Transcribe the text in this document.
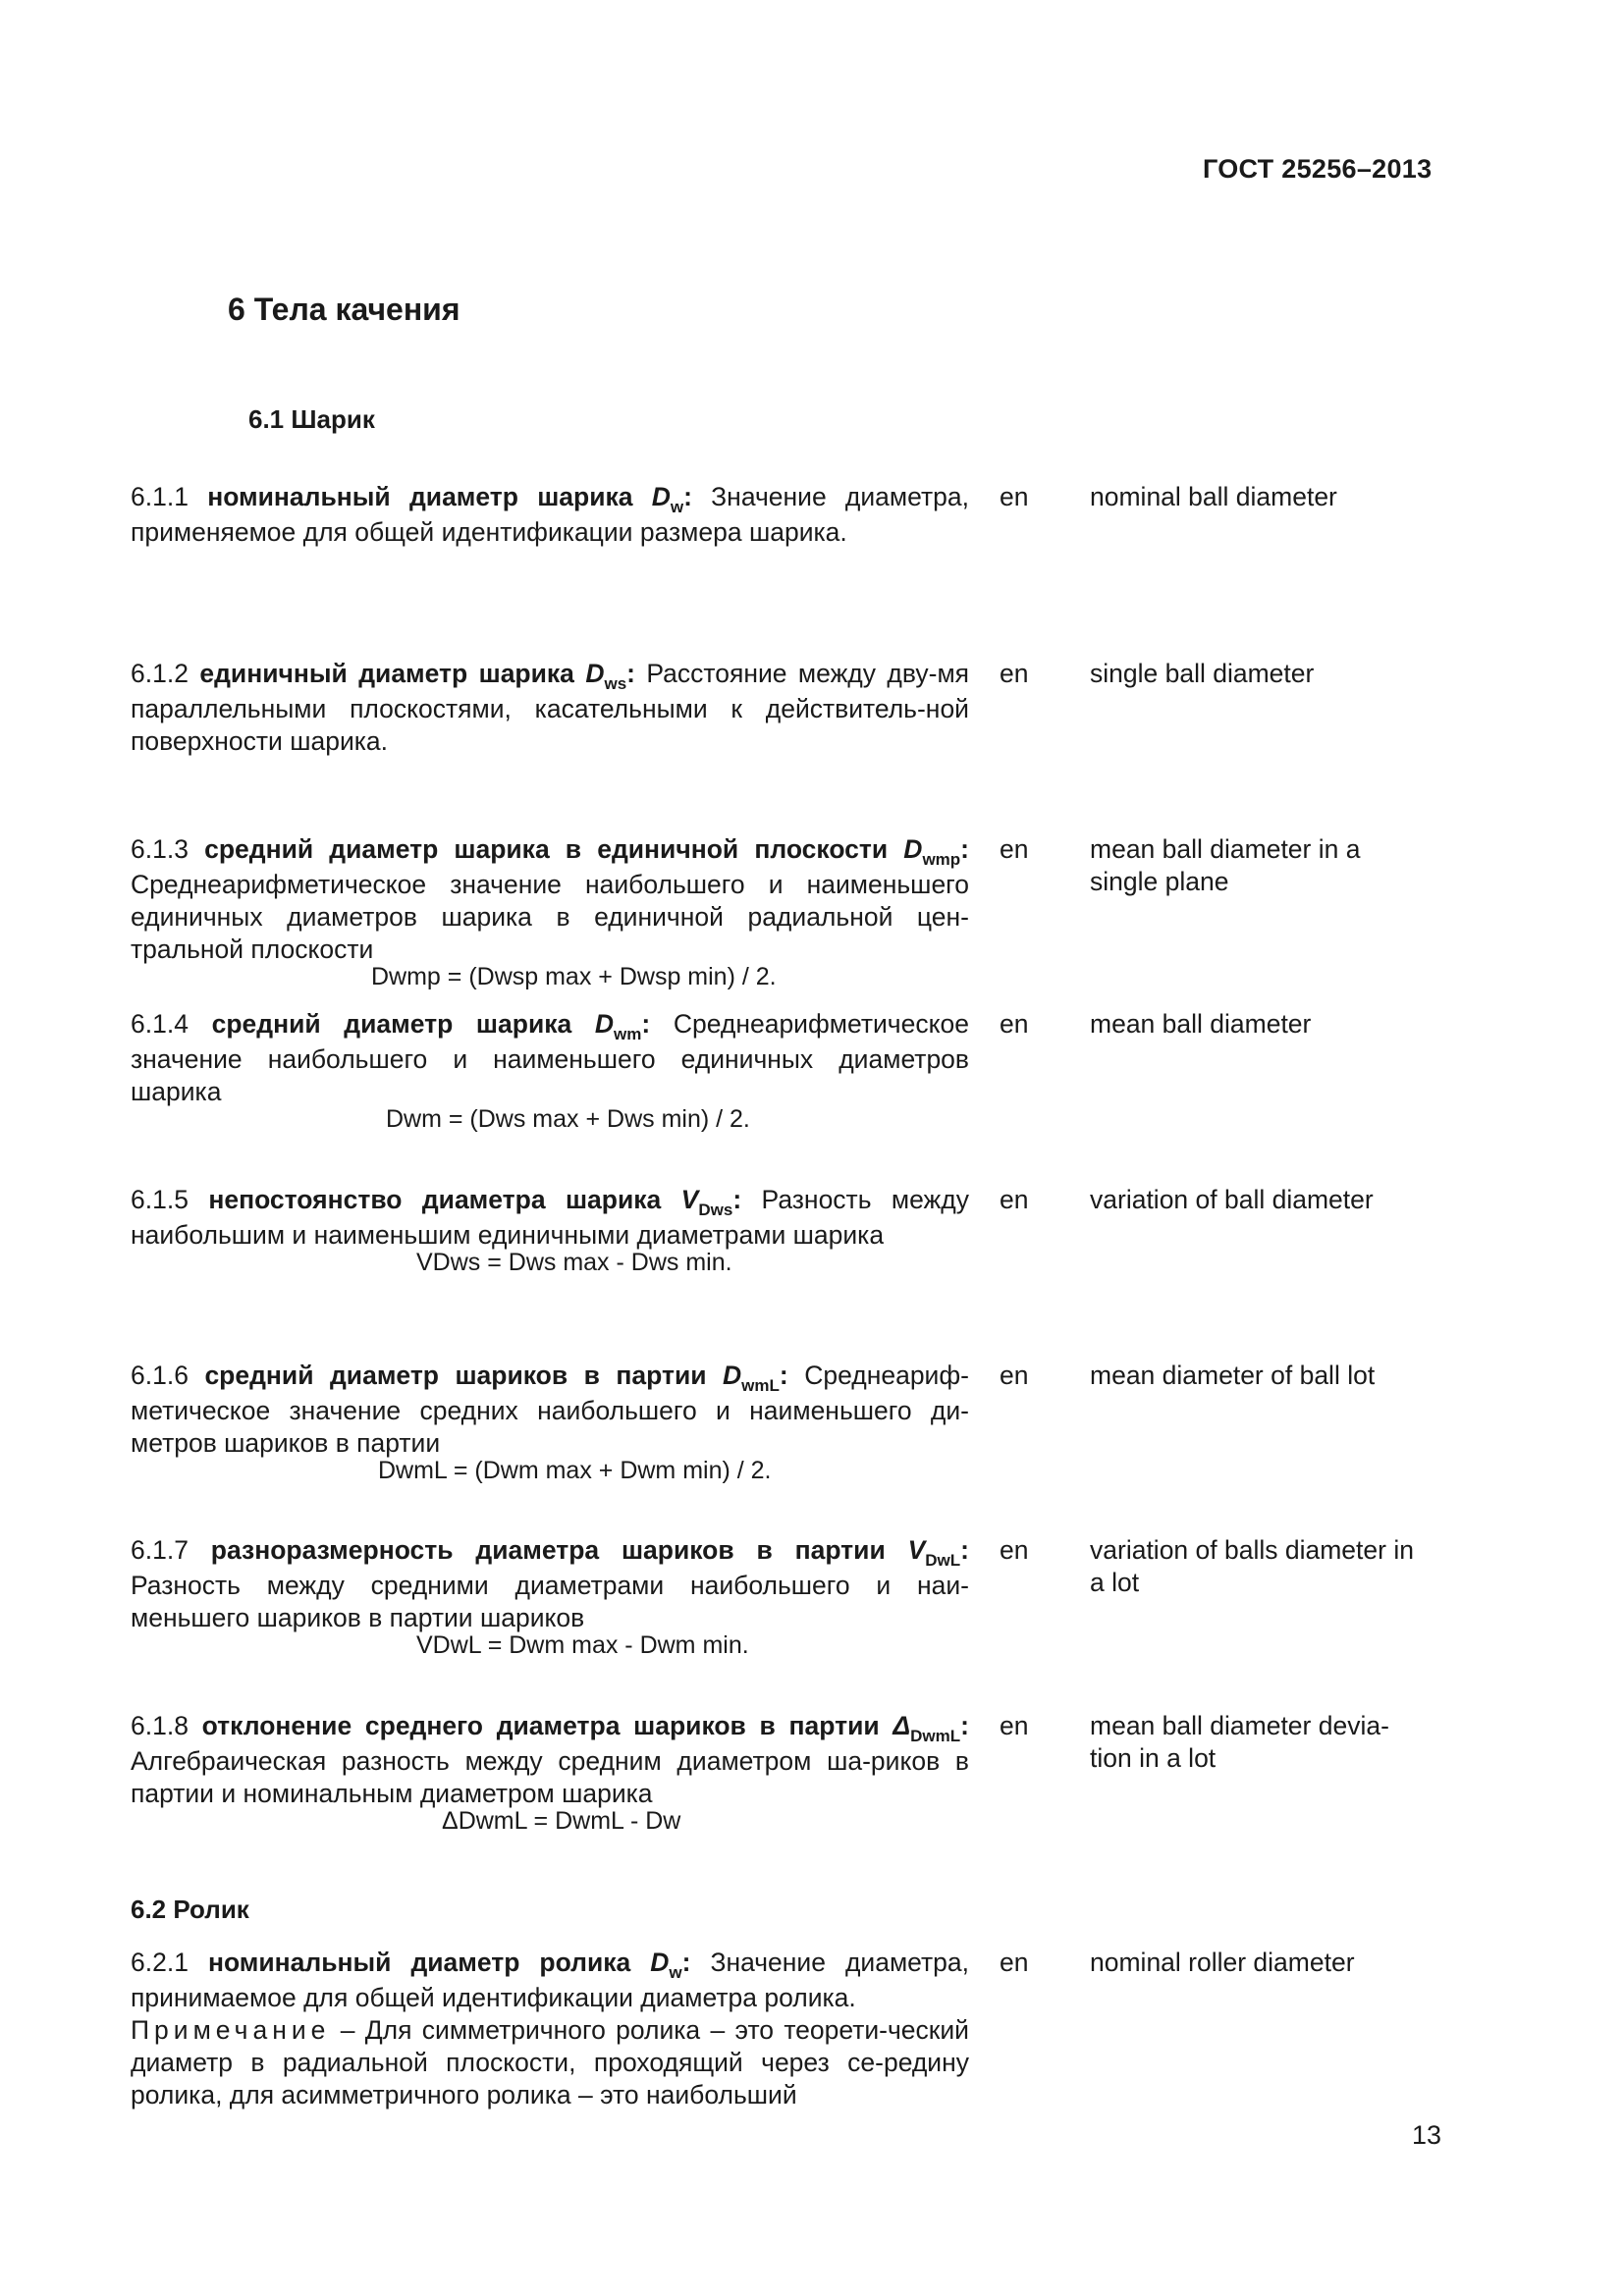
ГОСТ 25256–2013
6 Тела качения
6.1 Шарик
6.1.1 номинальный диаметр шарика $D_w$: Значение диаметра, применяемое для общей идентификации размера шарика.
en nominal ball diameter
6.1.2 единичный диаметр шарика $D_{ws}$: Расстояние между дву-мя параллельными плоскостями, касательными к действитель-ной поверхности шарика.
en single ball diameter
6.1.3 средний диаметр шарика в единичной плоскости $D_{wmp}$: Среднеарифметическое значение наибольшего и наименьшего единичных диаметров шарика в единичной радиальной цен-тральной плоскости
en mean ball diameter in a single plane
Dwmp = (Dwsp max + Dwsp min) / 2.
6.1.4 средний диаметр шарика $D_{wm}$: Среднеарифметическое значение наибольшего и наименьшего единичных диаметров шарика
en mean ball diameter
Dwm = (Dws max + Dws min) / 2.
6.1.5 непостоянство диаметра шарика $V_{Dws}$: Разность между наибольшим и наименьшим единичными диаметрами шарика
en variation of ball diameter
VDws = Dws max - Dws min.
6.1.6 средний диаметр шариков в партии $D_{wmL}$: Среднеариф-метическое значение средних наибольшего и наименьшего ди-метров шариков в партии
en mean diameter of ball lot
DwmL = (Dwm max + Dwm min) / 2.
6.1.7 разноразмерность диаметра шариков в партии $V_{DwL}$: Разность между средними диаметрами наибольшего и наи-меньшего шариков в партии шариков
en variation of balls diameter in a lot
VDwL = Dwm max - Dwm min.
6.1.8 отклонение среднего диаметра шариков в партии $\Delta_{DwmL}$: Алгебраическая разность между средним диаметром ша-риков в партии и номинальным диаметром шарика
en mean ball diameter devia-tion in a lot
ΔDwmL = DwmL - Dw
6.2 Ролик
6.2.1 номинальный диаметр ролика $D_w$: Значение диаметра, принимаемое для общей идентификации диаметра ролика.
Примечание – Для симметричного ролика – это теорети-ческий диаметр в радиальной плоскости, проходящий через се-редину ролика, для асимметричного ролика – это наибольший
en nominal roller diameter
13
